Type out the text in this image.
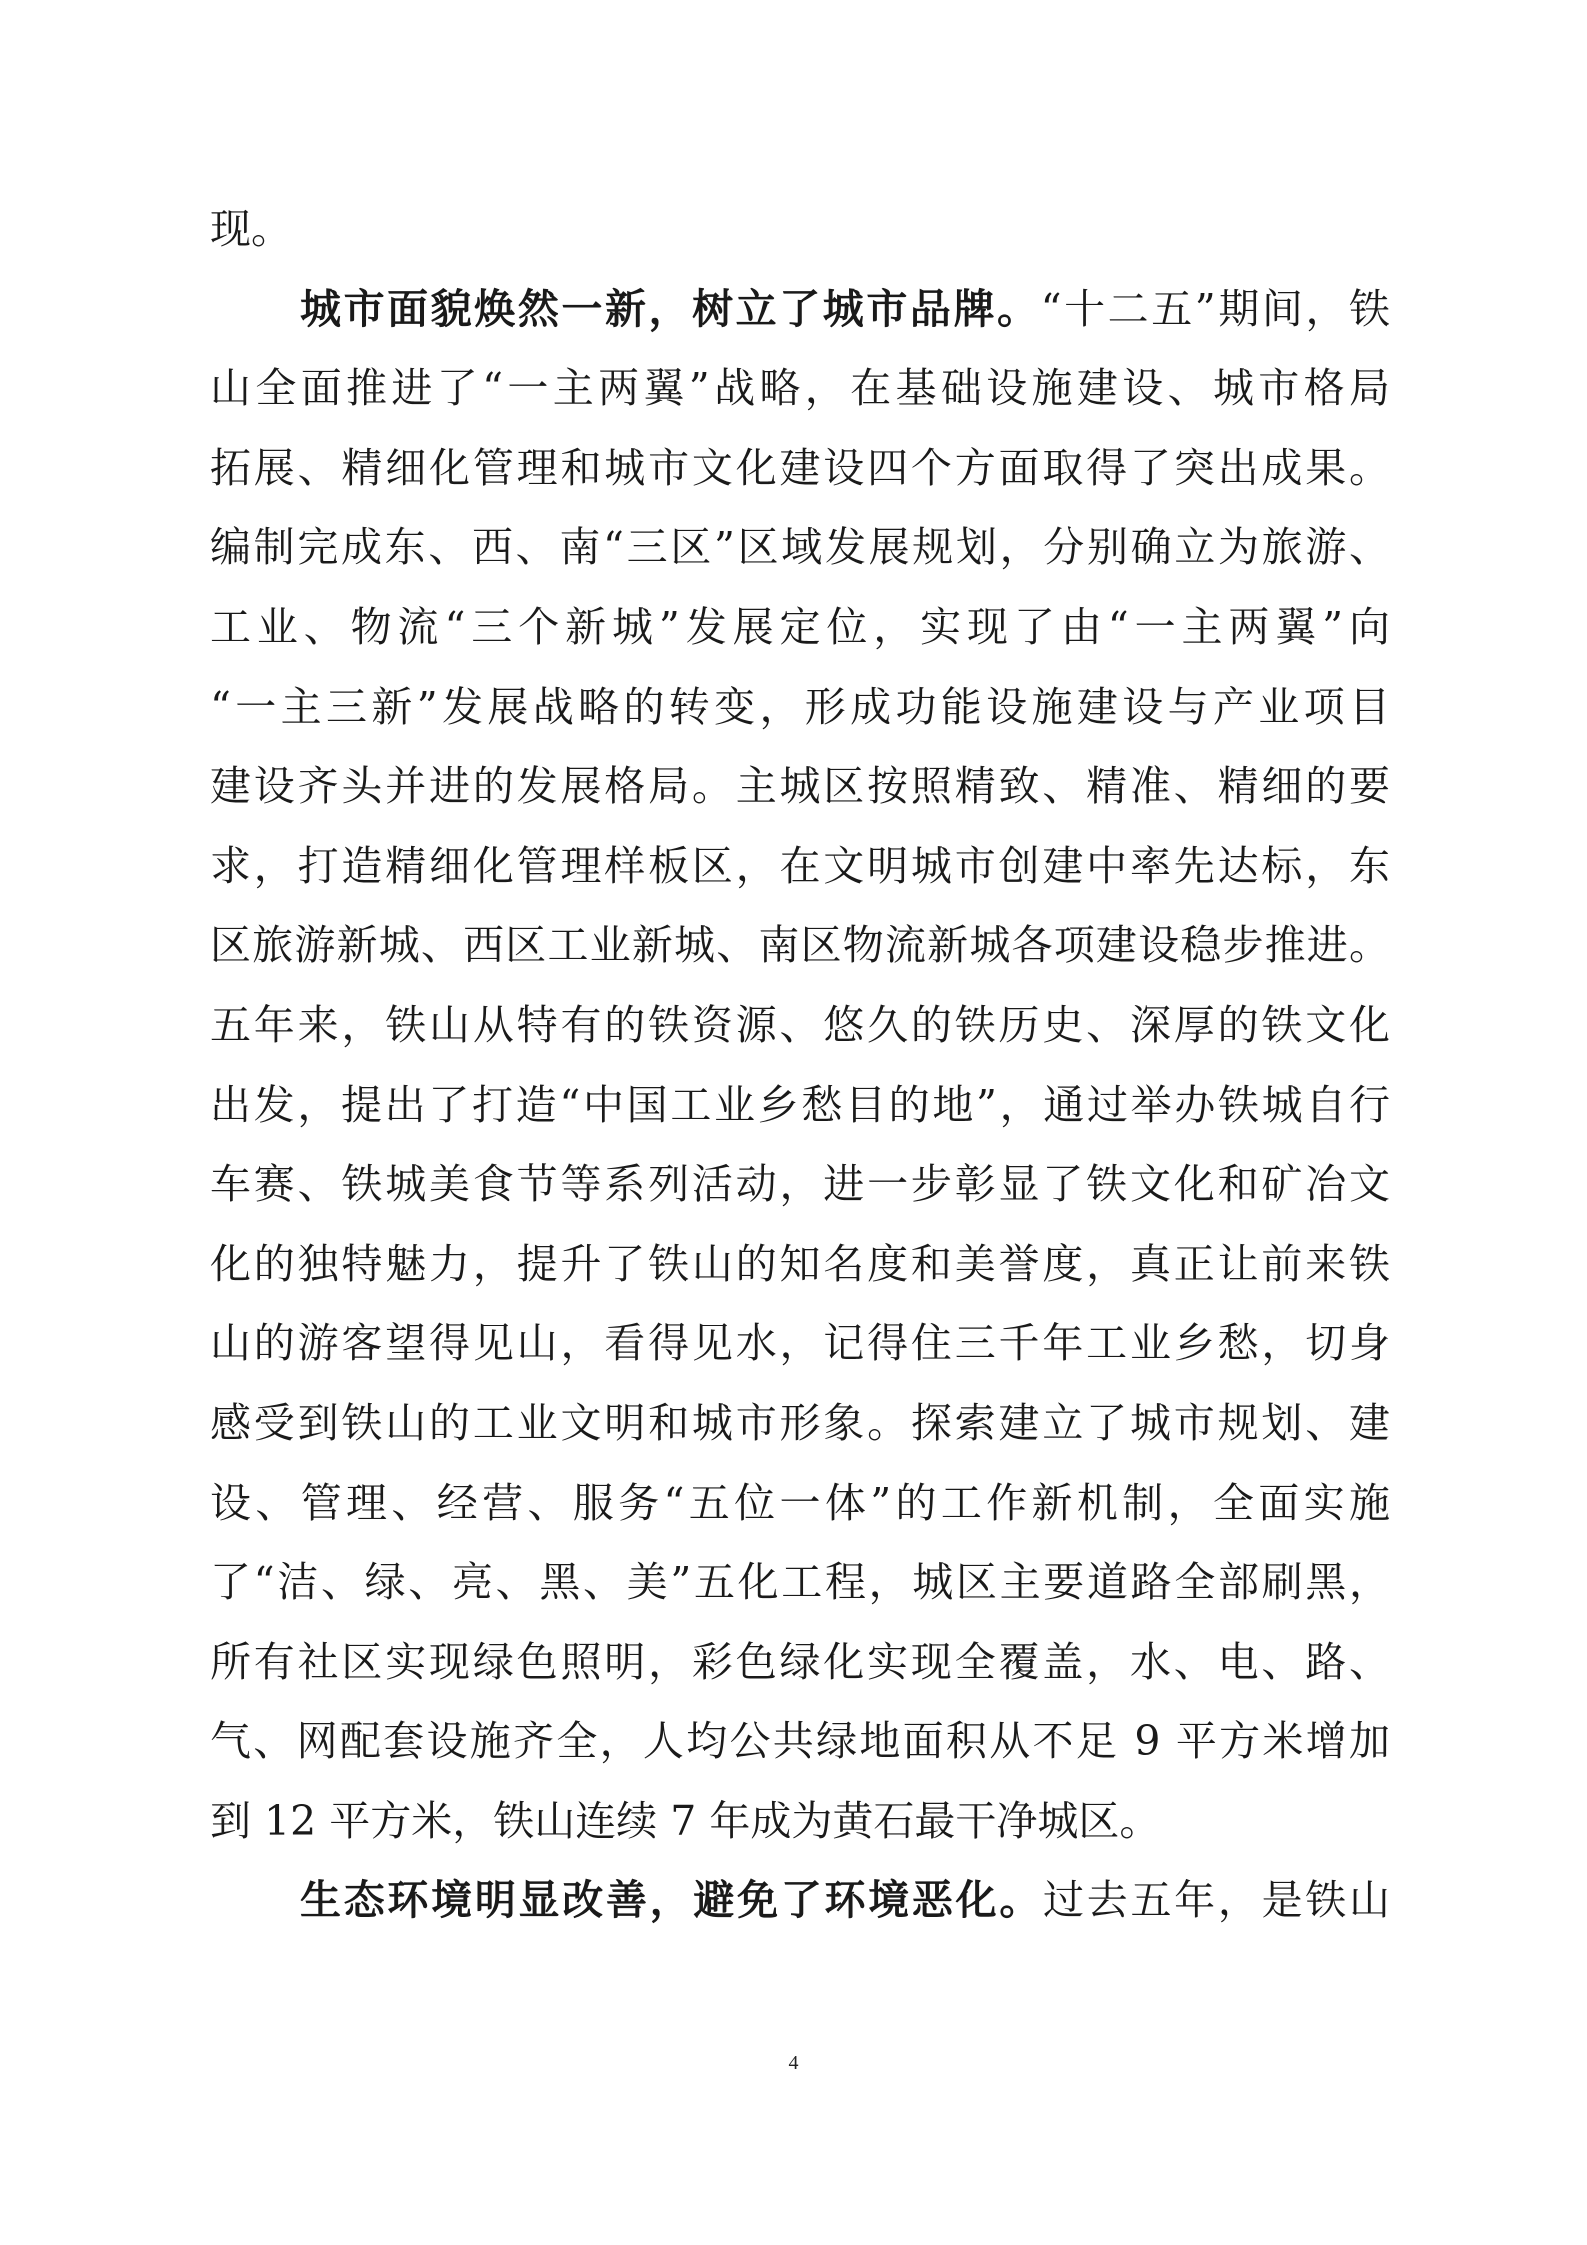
现。
城市面貌焕然一新，树立了城市品牌。“十二五”期间，铁
山全面推进了“一主两翼”战略，在基础设施建设、城市格局
拓展、精细化管理和城市文化建设四个方面取得了突出成果。
编制完成东、西、南“三区”区域发展规划，分别确立为旅游、
工业、物流“三个新城”发展定位，实现了由“一主两翼”向
“一主三新”发展战略的转变，形成功能设施建设与产业项目
建设齐头并进的发展格局。主城区按照精致、精准、精细的要
求，打造精细化管理样板区，在文明城市创建中率先达标，东
区旅游新城、西区工业新城、南区物流新城各项建设稳步推进。
五年来，铁山从特有的铁资源、悠久的铁历史、深厚的铁文化
出发，提出了打造“中国工业乡愁目的地”，通过举办铁城自行
车赛、铁城美食节等系列活动，进一步彰显了铁文化和矿冶文
化的独特魅力，提升了铁山的知名度和美誉度，真正让前来铁
山的游客望得见山，看得见水，记得住三千年工业乡愁，切身
感受到铁山的工业文明和城市形象。探索建立了城市规划、建
设、管理、经营、服务“五位一体”的工作新机制，全面实施
了“洁、绿、亮、黑、美”五化工程，城区主要道路全部刷黑，
所有社区实现绿色照明，彩色绿化实现全覆盖，水、电、路、
气、网配套设施齐全，人均公共绿地面积从不足 9 平方米增加
到 12 平方米，铁山连续 7 年成为黄石最干净城区。
生态环境明显改善，避免了环境恶化。过去五年，是铁山
4
